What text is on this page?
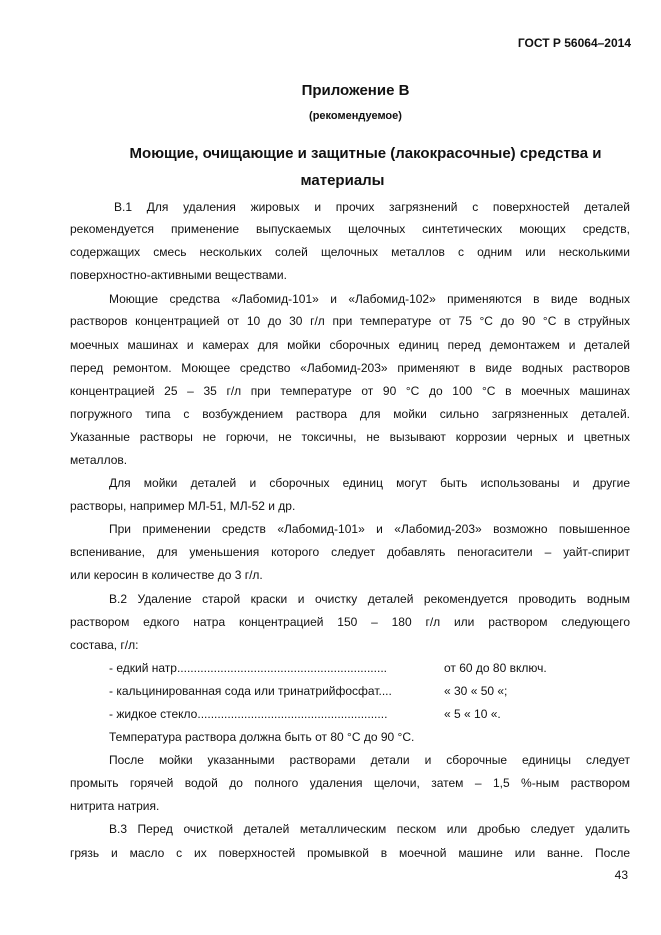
ГОСТ Р 56064–2014
Приложение В
(рекомендуемое)
Моющие, очищающие и защитные (лакокрасочные) средства и
материалы
В.1 Для удаления жировых и прочих загрязнений с поверхностей деталей
рекомендуется применение выпускаемых щелочных синтетических моющих средств,
содержащих смесь нескольких солей щелочных металлов с одним или несколькими
поверхностно-активными веществами.
Моющие средства «Лабомид-101» и «Лабомид-102» применяются в виде водных
растворов концентрацией от 10 до 30 г/л при температуре от 75 °С до 90 °С в струйных
моечных машинах и камерах для мойки сборочных единиц перед демонтажем и деталей
перед ремонтом. Моющее средство «Лабомид-203» применяют в виде водных растворов
концентрацией 25 – 35 г/л при температуре от 90 °С до 100 °С в моечных машинах
погружного типа с возбуждением раствора для мойки сильно загрязненных деталей.
Указанные растворы не горючи, не токсичны, не вызывают коррозии черных и цветных
металлов.
Для мойки деталей и сборочных единиц могут быть использованы и другие
растворы, например МЛ-51, МЛ-52 и др.
При применении средств «Лабомид-101» и «Лабомид-203» возможно повышенное
вспенивание, для уменьшения которого следует добавлять пеногасители – уайт-спирит
или керосин в количестве до 3 г/л.
В.2 Удаление старой краски и очистку деталей рекомендуется проводить водным
раствором едкого натра концентрацией 150 – 180 г/л или раствором следующего
состава, г/л:
- едкий натр...............................................................	от 60 до 80 включ.
- кальцинированная сода или тринатрийфосфат....	« 30 « 50 «;
- жидкое стекло.........................................................	« 5 « 10 «.
Температура раствора должна быть от 80 °С до 90 °С.
После мойки указанными растворами детали и сборочные единицы следует
промыть горячей водой до полного удаления щелочи, затем – 1,5 %-ным раствором
нитрита натрия.
В.3 Перед очисткой деталей металлическим песком или дробью следует удалить
грязь и масло с их поверхностей промывкой в моечной машине или ванне. После
43
